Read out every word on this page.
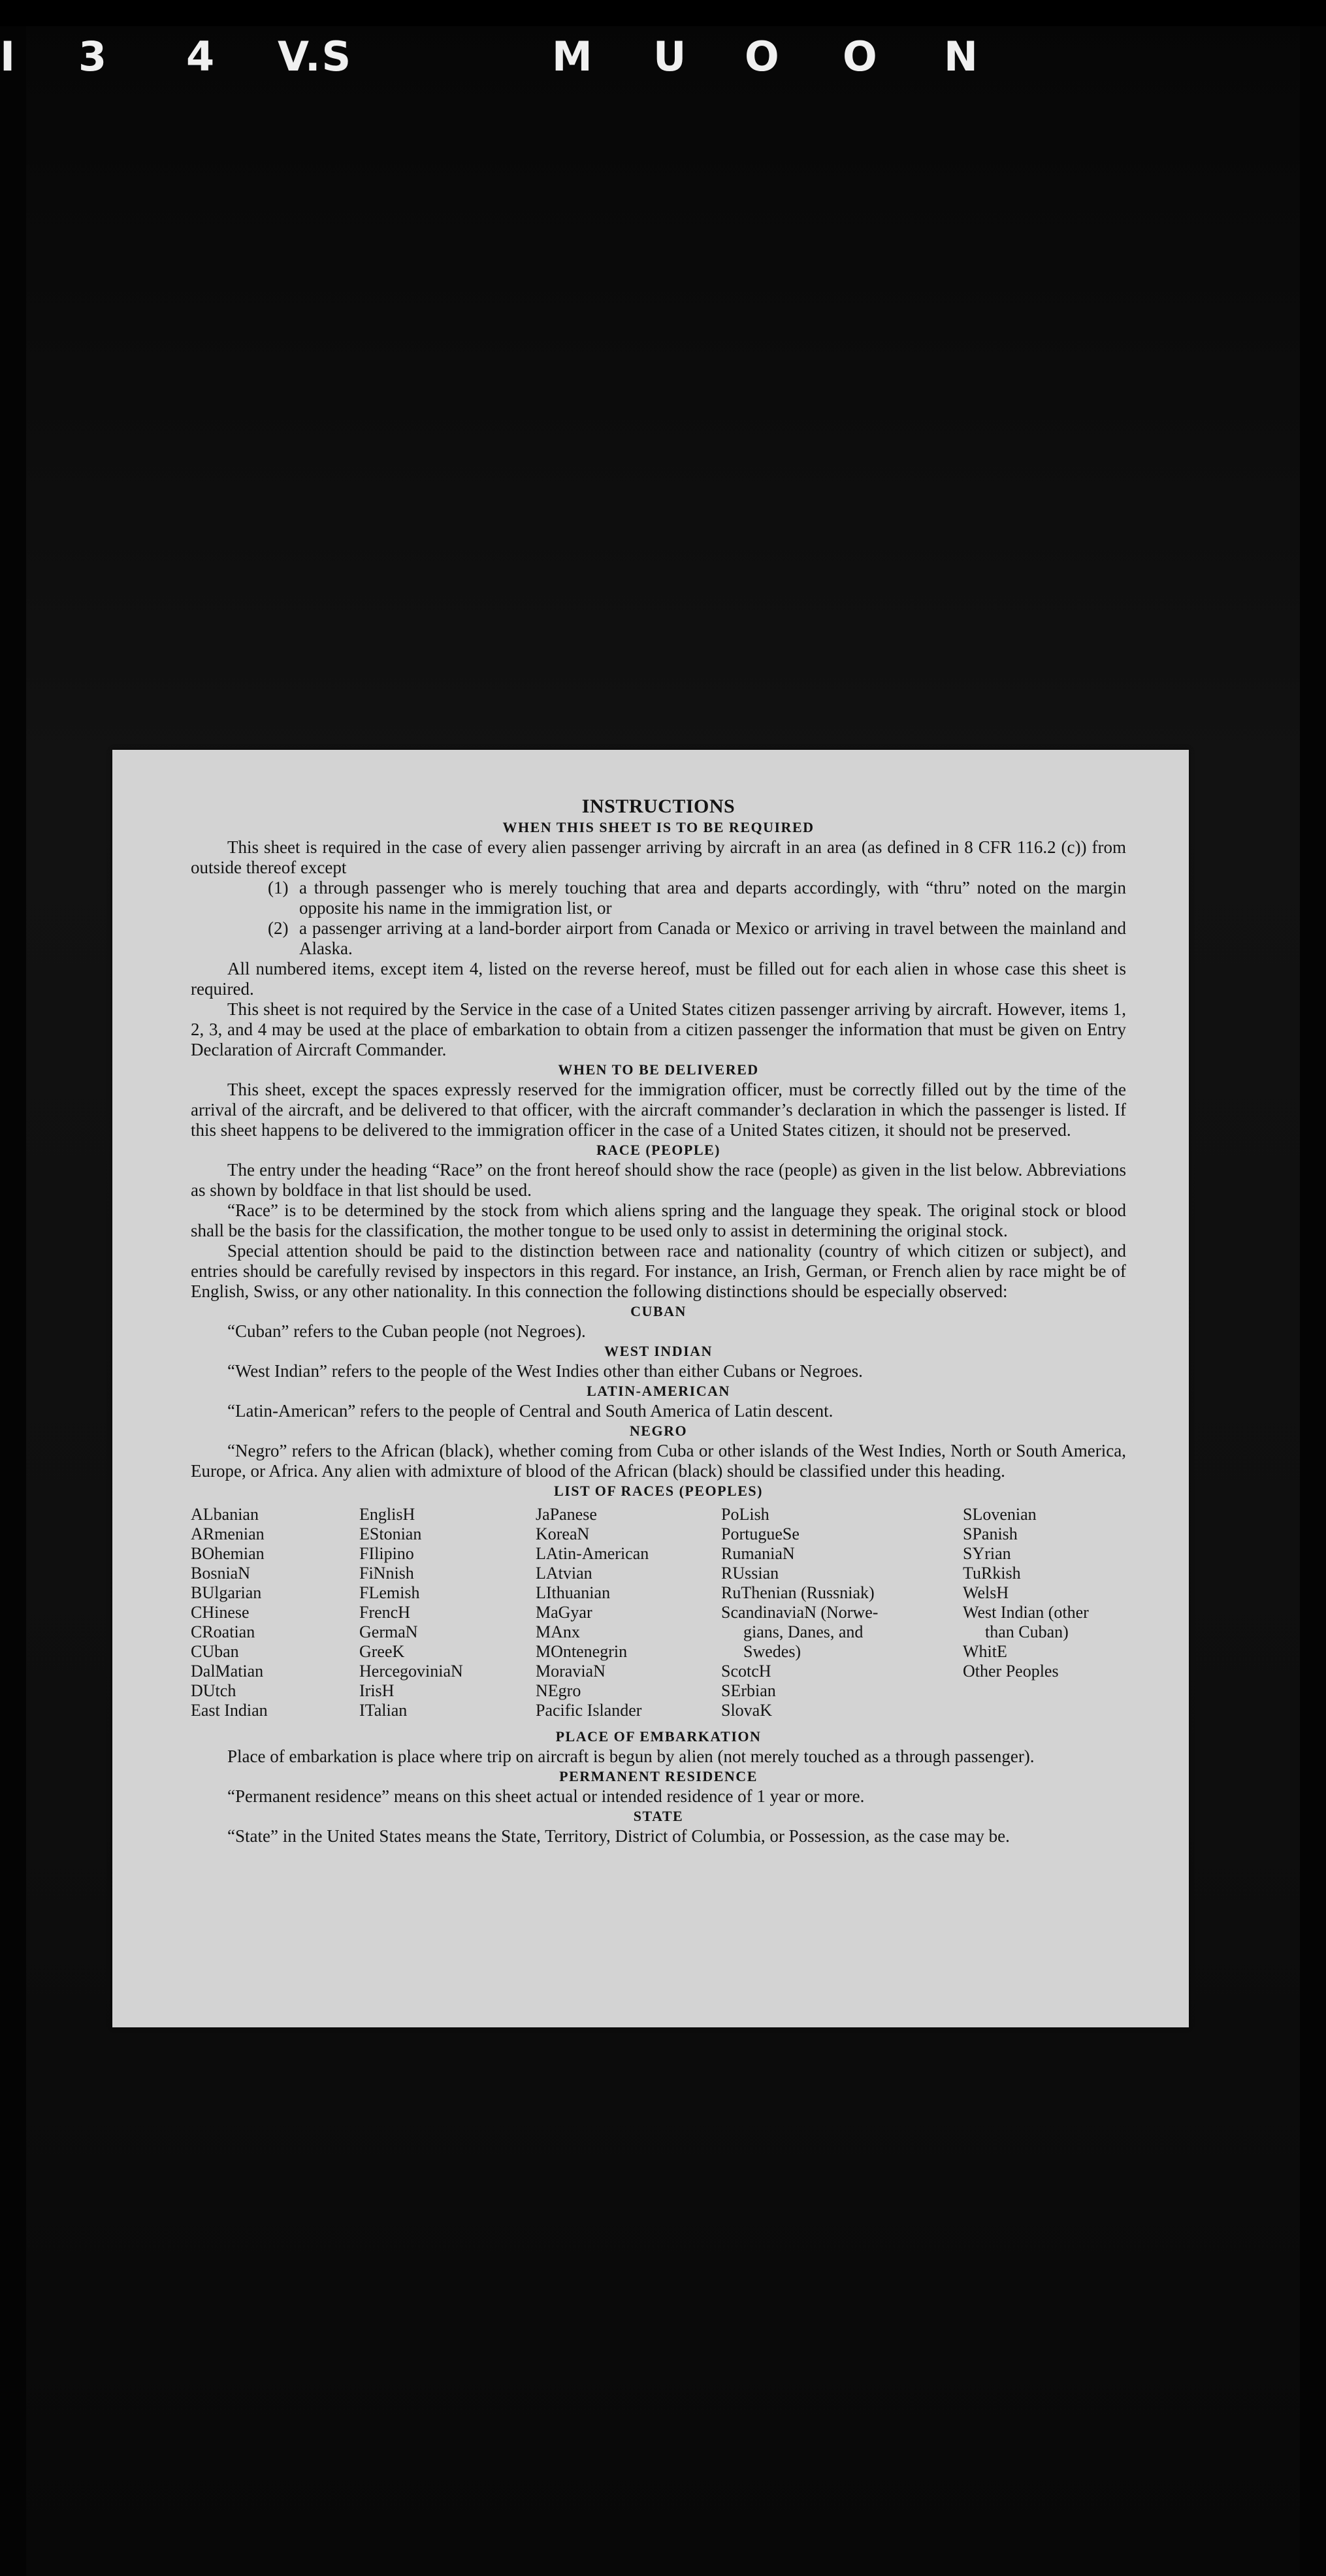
I 3 4 V.S	M U O O N
INSTRUCTIONS
WHEN THIS SHEET IS TO BE REQUIRED

This sheet is required in the case of every alien passenger arriving by aircraft in an area (as defined in 8 CFR 116.2 (c)) from outside thereof except

(1) a through passenger who is merely touching that area and departs accordingly, with “thru” noted on the margin opposite his name in the immigration list, or
(2) a passenger arriving at a land-border airport from Canada or Mexico or arriving in travel between the mainland and Alaska.

All numbered items, except item 4, listed on the reverse hereof, must be filled out for each alien in whose case this sheet is required.

This sheet is not required by the Service in the case of a United States citizen passenger arriving by aircraft. However, items 1, 2, 3, and 4 may be used at the place of embarkation to obtain from a citizen passenger the information that must be given on Entry Declaration of Aircraft Commander.

WHEN TO BE DELIVERED

This sheet, except the spaces expressly reserved for the immigration officer, must be correctly filled out by the time of the arrival of the aircraft, and be delivered to that officer, with the aircraft commander’s declaration in which the passenger is listed. If this sheet happens to be delivered to the immigration officer in the case of a United States citizen, it should not be preserved.

RACE (PEOPLE)

The entry under the heading “Race” on the front hereof should show the race (people) as given in the list below. Abbreviations as shown by boldface in that list should be used.

“Race” is to be determined by the stock from which aliens spring and the language they speak. The original stock or blood shall be the basis for the classification, the mother tongue to be used only to assist in determining the original stock.

Special attention should be paid to the distinction between race and nationality (country of which citizen or subject), and entries should be carefully revised by inspectors in this regard. For instance, an Irish, German, or French alien by race might be of English, Swiss, or any other nationality. In this connection the following distinctions should be especially observed:

CUBAN

“Cuban” refers to the Cuban people (not Negroes).

WEST INDIAN

“West Indian” refers to the people of the West Indies other than either Cubans or Negroes.

LATIN-AMERICAN

“Latin-American” refers to the people of Central and South America of Latin descent.

NEGRO

“Negro” refers to the African (black), whether coming from Cuba or other islands of the West Indies, North or South America, Europe, or Africa. Any alien with admixture of blood of the African (black) should be classified under this heading.

LIST OF RACES (PEOPLES)
ALbanian
ARmenian
BOhemian
BosniaN
BUlgarian
CHinese
CRoatian
CUban
DalMatian
DUtch
East Indian
EnglisH
EStonian
FIlipino
FiNnish
FLemish
FrencH
GermaN
GreeK
HercegoviniaN
IrisH
ITalian
JaPanese
KoreaN
LAtin-American
LAtvian
LIthuanian
MaGyar
MAnx
MOntenegrin
MoraviaN
NEgro
Pacific Islander
PoLish
PortugueSe
RumaniaN
RUssian
RuThenian (Russniak)
ScandinaviaN (Norwe-
gians, Danes, and
Swedes)
ScotcH
SErbian
SlovaK
SLovenian
SPanish
SYrian
TuRkish
WelsH
West Indian (other
than Cuban)
WhitE
Other Peoples
PLACE OF EMBARKATION

Place of embarkation is place where trip on aircraft is begun by alien (not merely touched as a through passenger).

PERMANENT RESIDENCE

“Permanent residence” means on this sheet actual or intended residence of 1 year or more.

STATE

“State” in the United States means the State, Territory, District of Columbia, or Possession, as the case may be.
